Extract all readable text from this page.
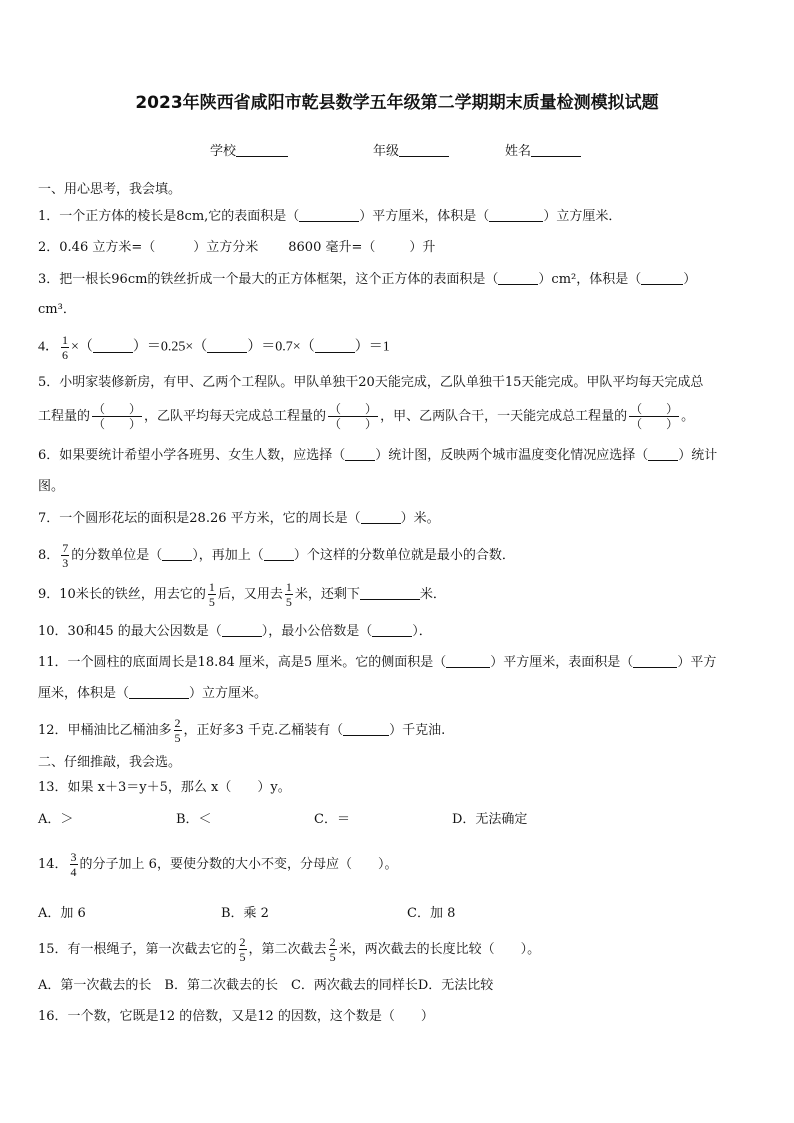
2023年陕西省咸阳市乾县数学五年级第二学期期末质量检测模拟试题
学校	年级	姓名
一、用心思考，我会填。
1．一个正方体的棱长是8cm,它的表面积是（	）平方厘米，体积是（	）立方厘米．
2．0.46 立方米=（	）立方分米 8600 毫升=（	）升
3．把一根长96cm的铁丝折成一个最大的正方体框架，这个正方体的表面积是（	）cm²，体积是（	）
cm³．
4． $\frac{1}{6}$ ×（	）＝0.25×（	）＝0.7×（	）＝1
5．小明家装修新房，有甲、乙两个工程队。甲队单独干20天能完成，乙队单独干15天能完成。甲队平均每天完成总
工程量的 $\frac{( )}{( )}$ ，乙队平均每天完成总工程量的 $\frac{( )}{( )}$ ，甲、乙两队合干，一天能完成总工程量的 $\frac{( )}{( )}$ 。
6．如果要统计希望小学各班男、女生人数，应选择（ ）统计图，反映两个城市温度变化情况应选择（ ）统计
图。
7．一个圆形花坛的面积是28.26 平方米，它的周长是（	）米。
8． $\frac{7}{3}$ 的分数单位是（ ），再加上（ ）个这样的分数单位就是最小的合数．
9．10米长的铁丝，用去它的 $\frac{1}{5}$ 后，又用去 $\frac{1}{5}$ 米，还剩下	米．
10．30和45 的最大公因数是（	），最小公倍数是（	）．
11．一个圆柱的底面周长是18.84 厘米，高是5 厘米。它的侧面积是（	）平方厘米，表面积是（	）平方
厘米，体积是（	）立方厘米。
12．甲桶油比乙桶油多 $\frac{2}{5}$ ，正好多3 千克.乙桶装有（	）千克油.
二、仔细推敲，我会选。
13．如果 x＋3＝y＋5，那么 x（　　）y。
A．＞	B．＜	C．＝	D．无法确定
14． $\frac{3}{4}$ 的分子加上 6，要使分数的大小不变，分母应（　　）。
A．加 6	B．乘 2	C．加 8
15．有一根绳子，第一次截去它的 $\frac{2}{5}$ ，第二次截去 $\frac{2}{5}$ 米，两次截去的长度比较（　　）。
A．第一次截去的长　B．第二次截去的长　C．两次截去的同样长D．无法比较
16．一个数，它既是12 的倍数，又是12 的因数，这个数是（　　）
